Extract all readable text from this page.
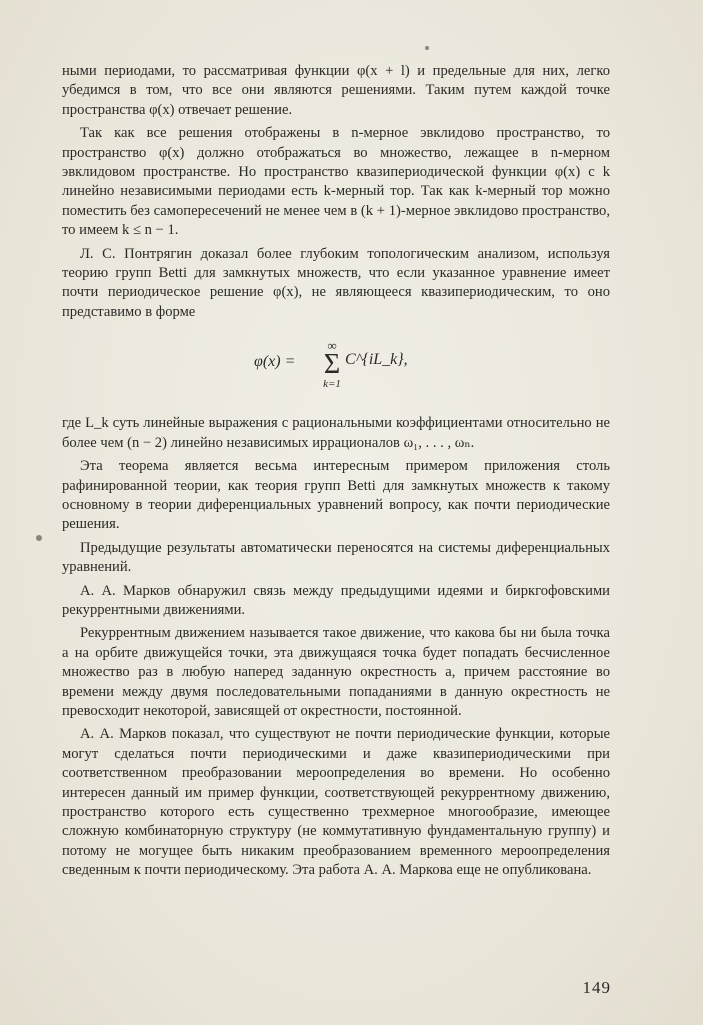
ными периодами, то рассматривая функции φ(x + l) и предельные для них, легко убедимся в том, что все они являются решениями. Таким путем каждой точке пространства φ(x) отвечает решение.

Так как все решения отображены в n-мерное эвклидово пространство, то пространство φ(x) должно отображаться во множество, лежащее в n-мерном эвклидовом пространстве. Но пространство квазипериодической функции φ(x) с k линейно независимыми периодами есть k-мерный тор. Так как k-мерный тор можно поместить без самопересечений не менее чем в (k + 1)-мерное эвклидово пространство, то имеем k ≤ n − 1.

Л. С. Понтрягин доказал более глубоким топологическим анализом, используя теорию групп Betti для замкнутых множеств, что если указанное уравнение имеет почти периодическое решение φ(x), не являющееся квазипериодическим, то оно представимо в форме

φ(x) =
∞
Σ
k=1
C^{iL_k},

где L_k суть линейные выражения с рациональными коэффициентами относительно не более чем (n − 2) линейно независимых иррационалов ω₁, . . . , ωₙ.

Эта теорема является весьма интересным примером приложения столь рафинированной теории, как теория групп Betti для замкнутых множеств к такому основному в теории диференциальных уравнений вопросу, как почти периодические решения.

Предыдущие результаты автоматически переносятся на системы диференциальных уравнений.

А. А. Марков обнаружил связь между предыдущими идеями и биркгофовскими рекуррентными движениями.

Рекуррентным движением называется такое движение, что какова бы ни была точка a на орбите движущейся точки, эта движущаяся точка будет попадать бесчисленное множество раз в любую наперед заданную окрестность a, причем расстояние во времени между двумя последовательными попаданиями в данную окрестность не превосходит некоторой, зависящей от окрестности, постоянной.

А. А. Марков показал, что существуют не почти периодические функции, которые могут сделаться почти периодическими и даже квазипериодическими при соответственном преобразовании мероопределения во времени. Но особенно интересен данный им пример функции, соответствующей рекуррентному движению, пространство которого есть существенно трехмерное многообразие, имеющее сложную комбинаторную структуру (не коммутативную фундаментальную группу) и потому не могущее быть никаким преобразованием временного мероопределения сведенным к почти периодическому. Эта работа А. А. Маркова еще не опубликована.

149
